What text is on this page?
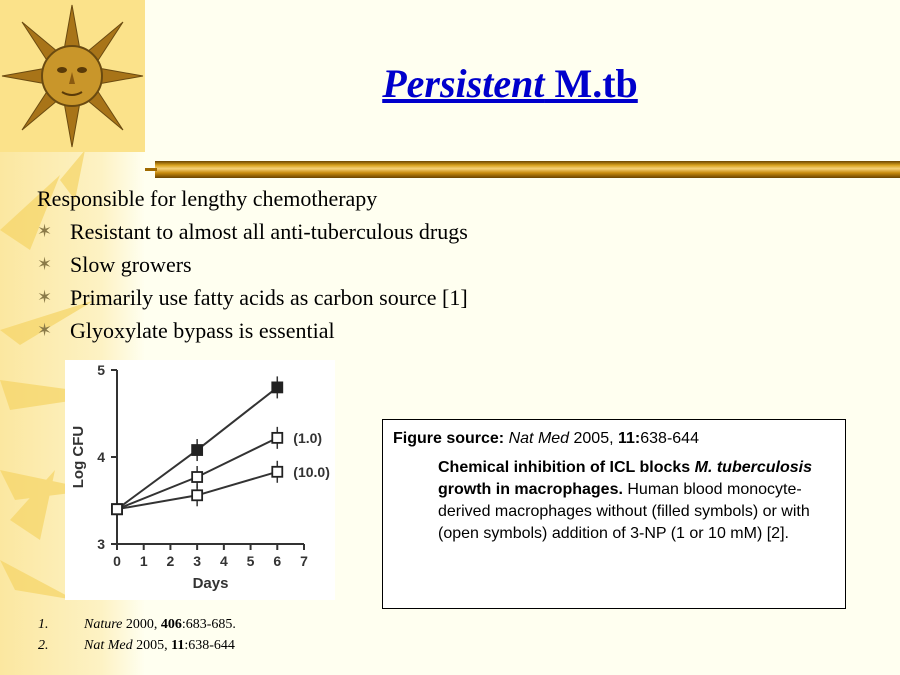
Persistent M.tb
Responsible for lengthy chemotherapy
✶ Resistant to almost all anti-tuberculous drugs
✶ Slow growers
✶ Primarily use fatty acids as carbon source [1]
✶ Glyoxylate bypass is essential
3
4
5
0 1 2 3 4 5 6 7
Days
Log CFU	(1.0)
(10.0)
Figure source: Nat Med 2005, 11:638-644
Chemical inhibition of ICL blocks M. tuberculosis growth in macrophages. Human blood monocyte-derived macrophages without (filled symbols) or with (open symbols) addition of 3-NP (1 or 10 mM) [2].
1.	Nature 2000, 406:683-685.
2.	Nat Med 2005, 11:638-644
